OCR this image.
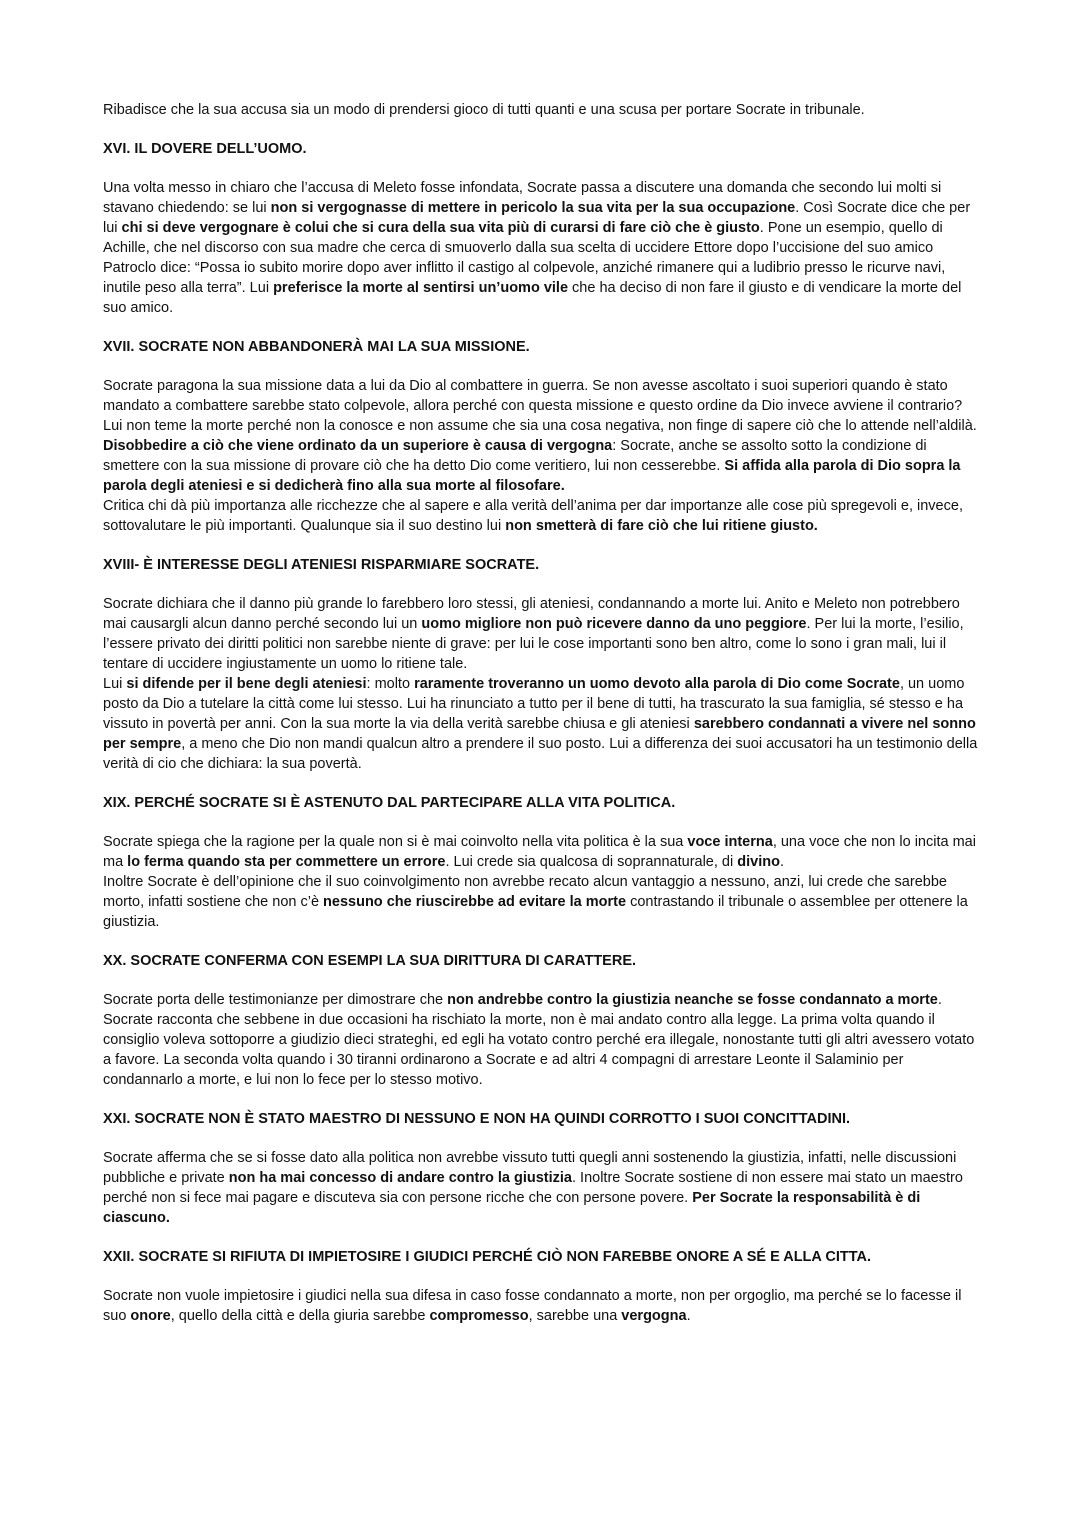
Ribadisce che la sua accusa sia un modo di prendersi gioco di tutti quanti e una scusa per portare Socrate in tribunale.

XVI. IL DOVERE DELL’UOMO.

Una volta messo in chiaro che l’accusa di Meleto fosse infondata, Socrate passa a discutere una domanda che secondo lui molti si stavano chiedendo: se lui non si vergognasse di mettere in pericolo la sua vita per la sua occupazione. Così Socrate dice che per lui chi si deve vergognare è colui che si cura della sua vita più di curarsi di fare ciò che è giusto. Pone un esempio, quello di Achille, che nel discorso con sua madre che cerca di smuoverlo dalla sua scelta di uccidere Ettore dopo l’uccisione del suo amico Patroclo dice: “Possa io subito morire dopo aver inflitto il castigo al colpevole, anziché rimanere qui a ludibrio presso le ricurve navi, inutile peso alla terra”. Lui preferisce la morte al sentirsi un’uomo vile che ha deciso di non fare il giusto e di vendicare la morte del suo amico.

XVII. SOCRATE NON ABBANDONERÀ MAI LA SUA MISSIONE.

Socrate paragona la sua missione data a lui da Dio al combattere in guerra. Se non avesse ascoltato i suoi superiori quando è stato mandato a combattere sarebbe stato colpevole, allora perché con questa missione e questo ordine da Dio invece avviene il contrario? Lui non teme la morte perché non la conosce e non assume che sia una cosa negativa, non finge di sapere ciò che lo attende nell’aldilà.

Disobbedire a ciò che viene ordinato da un superiore è causa di vergogna: Socrate, anche se assolto sotto la condizione di smettere con la sua missione di provare ciò che ha detto Dio come veritiero, lui non cesserebbe. Si affida alla parola di Dio sopra la parola degli ateniesi e si dedicherà fino alla sua morte al filosofare.

Critica chi dà più importanza alle ricchezze che al sapere e alla verità dell’anima per dar importanze alle cose più spregevoli e, invece, sottovalutare le più importanti. Qualunque sia il suo destino lui non smetterà di fare ciò che lui ritiene giusto.

XVIII- È INTERESSE DEGLI ATENIESI RISPARMIARE SOCRATE.

Socrate dichiara che il danno più grande lo farebbero loro stessi, gli ateniesi, condannando a morte lui. Anito e Meleto non potrebbero mai causargli alcun danno perché secondo lui un uomo migliore non può ricevere danno da uno peggiore. Per lui la morte, l’esilio, l’essere privato dei diritti politici non sarebbe niente di grave: per lui le cose importanti sono ben altro, come lo sono i gran mali, lui il tentare di uccidere ingiustamente un uomo lo ritiene tale.

Lui si difende per il bene degli ateniesi: molto raramente troveranno un uomo devoto alla parola di Dio come Socrate, un uomo posto da Dio a tutelare la città come lui stesso. Lui ha rinunciato a tutto per il bene di tutti, ha trascurato la sua famiglia, sé stesso e ha vissuto in povertà per anni. Con la sua morte la via della verità sarebbe chiusa e gli ateniesi sarebbero condannati a vivere nel sonno per sempre, a meno che Dio non mandi qualcun altro a prendere il suo posto. Lui a differenza dei suoi accusatori ha un testimonio della verità di cio che dichiara: la sua povertà.

XIX. PERCHÉ SOCRATE SI È ASTENUTO DAL PARTECIPARE ALLA VITA POLITICA.

Socrate spiega che la ragione per la quale non si è mai coinvolto nella vita politica è la sua voce interna, una voce che non lo incita mai ma lo ferma quando sta per commettere un errore. Lui crede sia qualcosa di soprannaturale, di divino.

Inoltre Socrate è dell’opinione che il suo coinvolgimento non avrebbe recato alcun vantaggio a nessuno, anzi, lui crede che sarebbe morto, infatti sostiene che non c’è nessuno che riuscirebbe ad evitare la morte contrastando il tribunale o assemblee per ottenere la giustizia.

XX. SOCRATE CONFERMA CON ESEMPI LA SUA DIRITTURA DI CARATTERE.

Socrate porta delle testimonianze per dimostrare che non andrebbe contro la giustizia neanche se fosse condannato a morte. Socrate racconta che sebbene in due occasioni ha rischiato la morte, non è mai andato contro alla legge. La prima volta quando il consiglio voleva sottoporre a giudizio dieci strateghi, ed egli ha votato contro perché era illegale, nonostante tutti gli altri avessero votato a favore. La seconda volta quando i 30 tiranni ordinarono a Socrate e ad altri 4 compagni di arrestare Leonte il Salaminio per condannarlo a morte, e lui non lo fece per lo stesso motivo.

XXI. SOCRATE NON È STATO MAESTRO DI NESSUNO E NON HA QUINDI CORROTTO I SUOI CONCITTADINI.

Socrate afferma che se si fosse dato alla politica non avrebbe vissuto tutti quegli anni sostenendo la giustizia, infatti, nelle discussioni pubbliche e private non ha mai concesso di andare contro la giustizia. Inoltre Socrate sostiene di non essere mai stato un maestro perché non si fece mai pagare e discuteva sia con persone ricche che con persone povere. Per Socrate la responsabilità è di ciascuno.

XXII. SOCRATE SI RIFIUTA DI IMPIETOSIRE I GIUDICI PERCHÉ CIÒ NON FAREBBE ONORE A SÉ E ALLA CITTA.

Socrate non vuole impietosire i giudici nella sua difesa in caso fosse condannato a morte, non per orgoglio, ma perché se lo facesse il suo onore, quello della città e della giuria sarebbe compromesso, sarebbe una vergogna.
